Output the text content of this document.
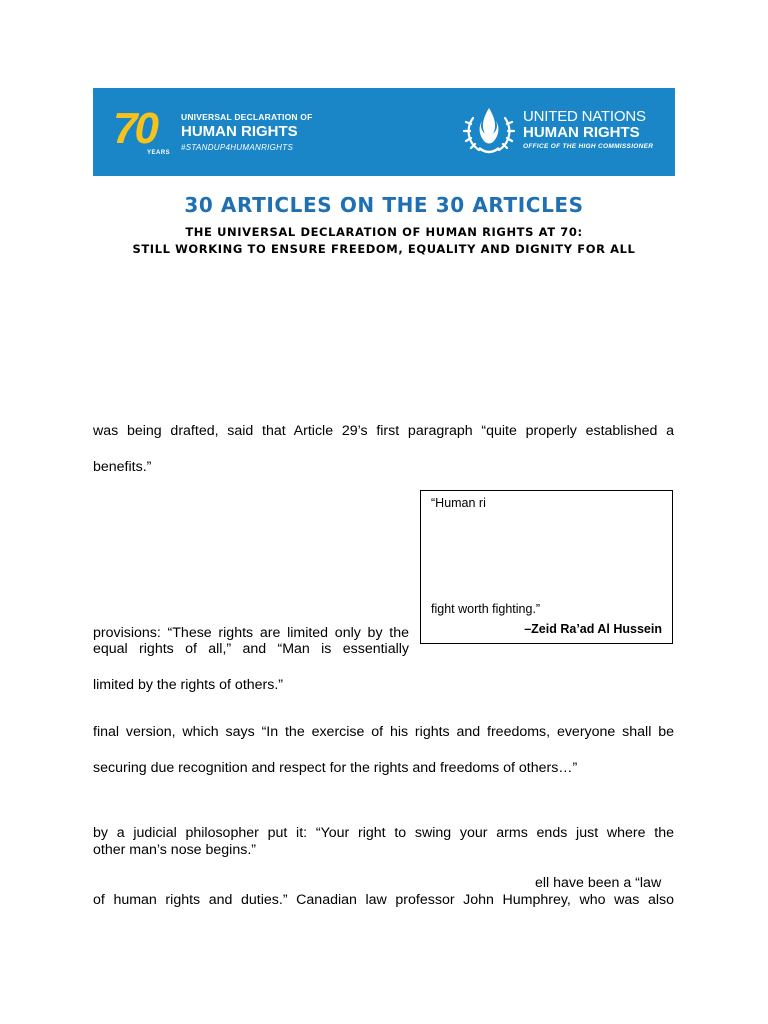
70
YEARS
UNIVERSAL DECLARATION OF
HUMAN RIGHTS
#STANDUP4HUMANRIGHTS
UNITED NATIONS
HUMAN RIGHTS
OFFICE OF THE HIGH COMMISSIONER
30 ARTICLES ON THE 30 ARTICLES
THE UNIVERSAL DECLARATION OF HUMAN RIGHTS AT 70:
STILL WORKING TO ENSURE FREEDOM, EQUALITY AND DIGNITY FOR ALL
was being drafted, said that Article 29’s first paragraph “quite properly established a
benefits.”
“Human ri
fight worth fighting.”
–Zeid Ra’ad Al Hussein
provisions: “These rights are limited only by the
equal rights of all,” and “Man is essentially
limited by the rights of others.”
final version, which says “In the exercise of his rights and freedoms, everyone shall be
securing due recognition and respect for the rights and freedoms of others…”
by a judicial philosopher put it: “Your right to swing your arms ends just where the
other man’s nose begins.”
ell have been a “law
of human rights and duties.” Canadian law professor John Humphrey, who was also
